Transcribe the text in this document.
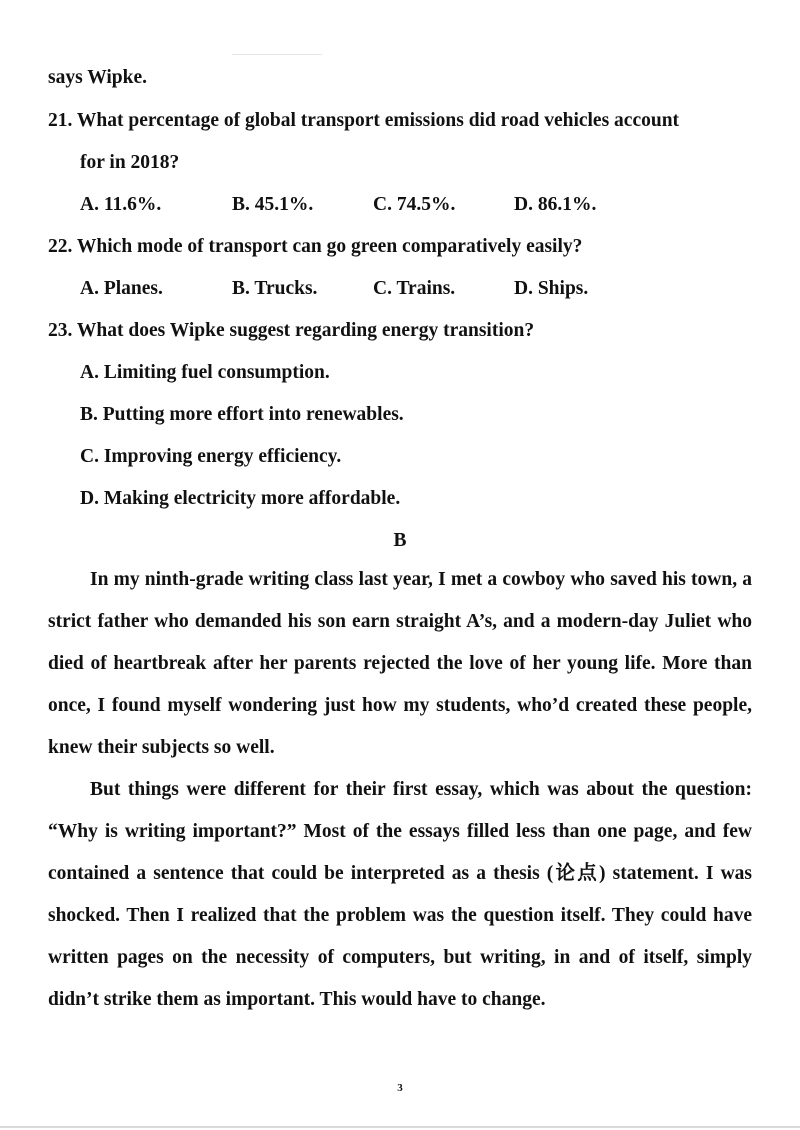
says Wipke.
21. What percentage of global transport emissions did road vehicles account
for in 2018?
A. 11.6%.	B. 45.1%.	C. 74.5%.	D. 86.1%.
22. Which mode of transport can go green comparatively easily?
A. Planes.	B. Trucks.	C. Trains.	D. Ships.
23. What does Wipke suggest regarding energy transition?
A. Limiting fuel consumption.
B. Putting more effort into renewables.
C. Improving energy efficiency.
D. Making electricity more affordable.
B
In my ninth-grade writing class last year, I met a cowboy who saved his town, a strict father who demanded his son earn straight A’s, and a modern-day Juliet who died of heartbreak after her parents rejected the love of her young life. More than once, I found myself wondering just how my students, who’d created these people, knew their subjects so well.
But things were different for their first essay, which was about the question: “Why is writing important?” Most of the essays filled less than one page, and few contained a sentence that could be interpreted as a thesis (论点) statement. I was shocked. Then I realized that the problem was the question itself. They could have written pages on the necessity of computers, but writing, in and of itself, simply didn’t strike them as important. This would have to change.
3
